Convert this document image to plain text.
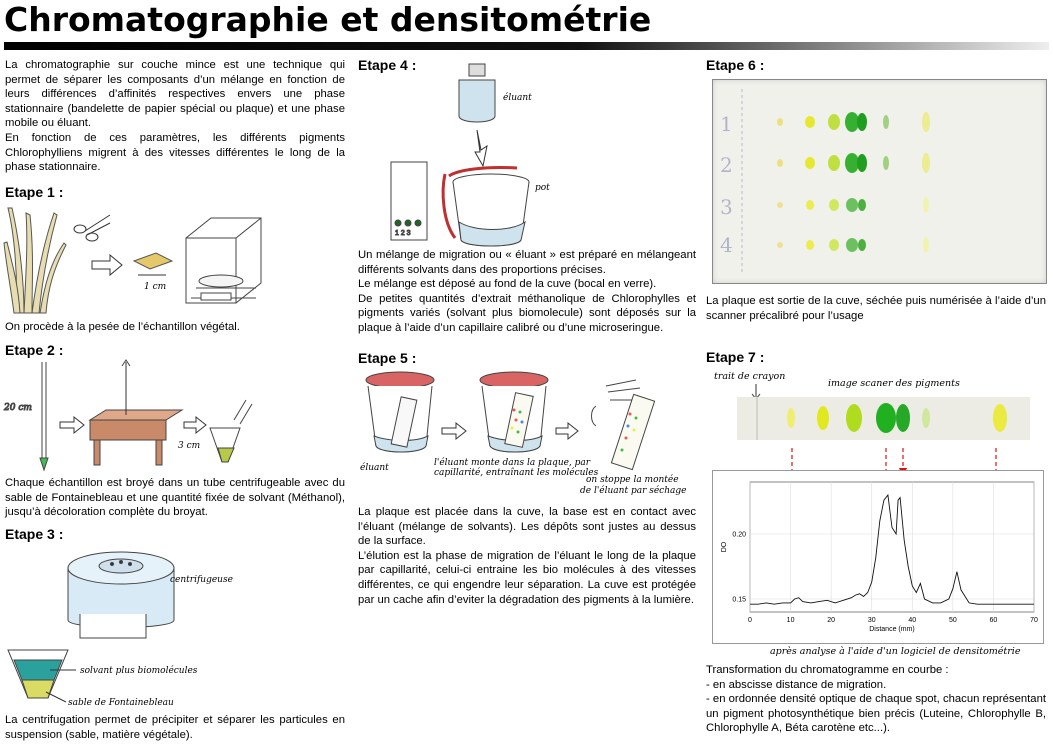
Chromatographie et densitométrie

La chromatographie sur couche mince est une technique qui permet de séparer les composants d’un mélange en fonction de leurs différences d’affinités respectives envers une phase stationnaire (bandelette de papier spécial ou plaque) et une phase mobile ou éluant.

En fonction de ces paramètres, les différents pigments Chlorophylliens migrent à des vitesses différentes le long de la phase stationnaire.

Etape 1 :
1 cm
On procède à la pesée de l’échantillon végétal.
Etape 2 :
20 cm
3 cm
Chaque échantillon est broyé dans un tube centrifugeable avec du sable de Fontainebleau et une quantité fixée de solvant (Méthanol), jusqu’à décoloration complète du broyat.
Etape 3 :
centrifugeuse
solvant plus biomolécules
sable de Fontainebleau
La centrifugation permet de précipiter et séparer les particules en suspension (sable, matière végétale).
Etape 4 :
éluant
1 2 3
pot
Un mélange de migration ou « éluant » est préparé en mélangeant différents solvants dans des proportions précises.
Le mélange est déposé au fond de la cuve (bocal en verre).
De petites quantités d’extrait méthanolique de Chlorophylles et pigments variés (solvant plus biomolecule) sont déposés sur la plaque à l’aide d’un capillaire calibré ou d’une microseringue.
Etape 5 :
éluant	l'éluant monte dans la plaque, par
capillarité, entraînant les molécules
on stoppe la montée
de l'éluant par séchage
La plaque est placée dans la cuve, la base est en contact avec l’éluant (mélange de solvants). Les dépôts sont justes au dessus de la surface.
L’élution est la phase de migration de l’éluant le long de la plaque par capillarité, celui-ci entraine les bio molécules à des vitesses différentes, ce qui engendre leur séparation. La cuve est protégée par un cache afin d’eviter la dégradation des pigments à la lumière.
Etape 6 :
1
2
3
4
La plaque est sortie de la cuve, séchée puis numérisée à l’aide d’un scanner précalibré pour l’usage
Etape 7 :
trait de crayon
image scaner des pigments
0	10	20	30	40	50	60	70
0.15
0.20
Distance (mm)
DO
après analyse à l'aide d'un logiciel de densitométrie
Transformation du chromatogramme en courbe :
- en abscisse distance de migration.
- en ordonnée densité optique de chaque spot, chacun représentant un pigment photosynthétique bien précis (Luteine, Chlorophylle B, Chlorophylle A, Béta carotène etc...).
